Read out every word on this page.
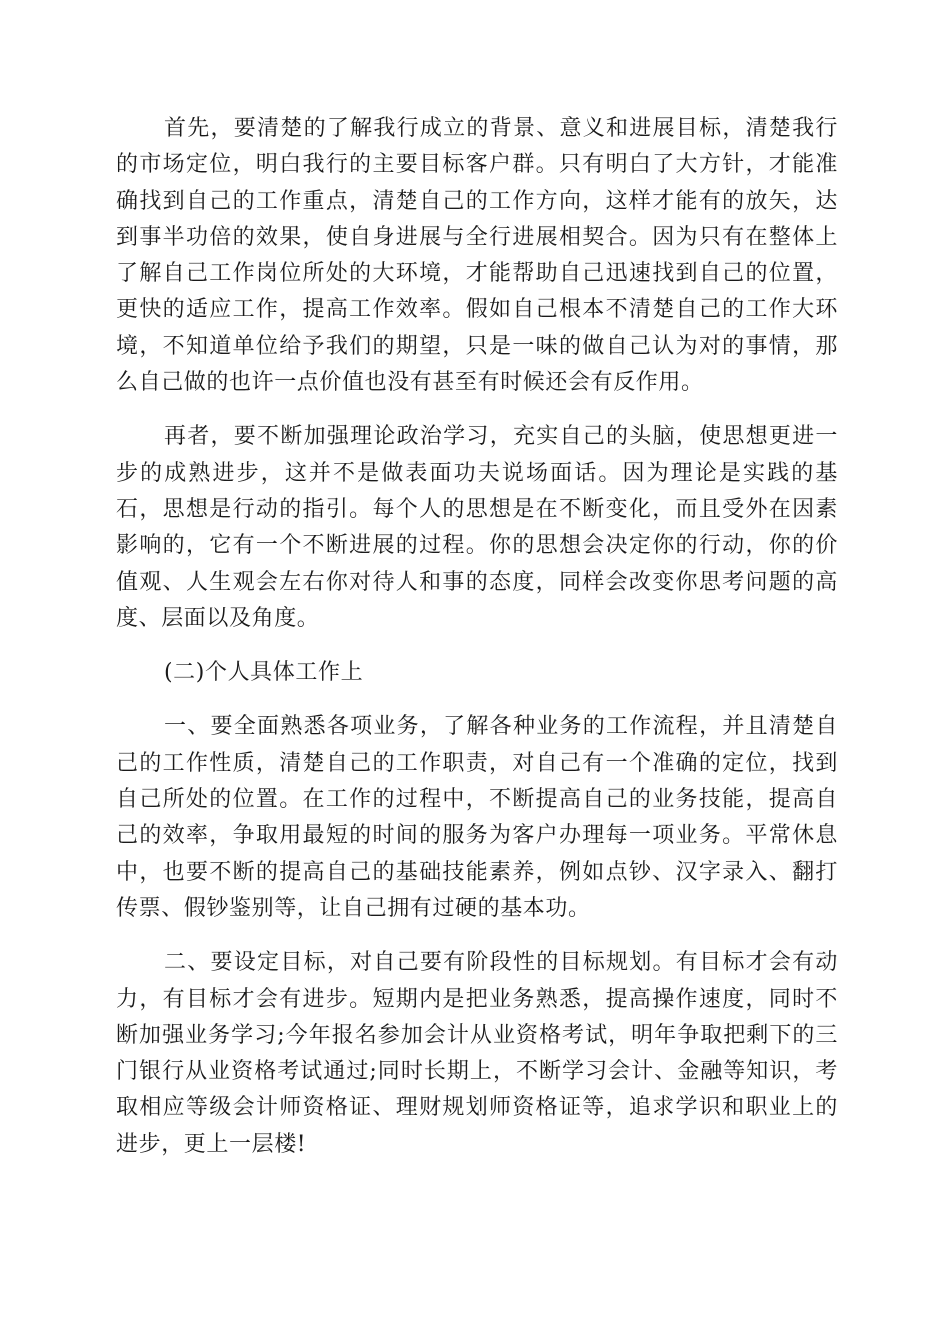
首先，要清楚的了解我行成立的背景、意义和进展目标，清楚我行的市场定位，明白我行的主要目标客户群。只有明白了大方针，才能准确找到自己的工作重点，清楚自己的工作方向，这样才能有的放矢，达到事半功倍的效果，使自身进展与全行进展相契合。因为只有在整体上了解自己工作岗位所处的大环境，才能帮助自己迅速找到自己的位置，更快的适应工作，提高工作效率。假如自己根本不清楚自己的工作大环境，不知道单位给予我们的期望，只是一味的做自己认为对的事情，那么自己做的也许一点价值也没有甚至有时候还会有反作用。

再者，要不断加强理论政治学习，充实自己的头脑，使思想更进一步的成熟进步，这并不是做表面功夫说场面话。因为理论是实践的基石，思想是行动的指引。每个人的思想是在不断变化，而且受外在因素影响的，它有一个不断进展的过程。你的思想会决定你的行动，你的价值观、人生观会左右你对待人和事的态度，同样会改变你思考问题的高度、层面以及角度。

(二)个人具体工作上

一、要全面熟悉各项业务，了解各种业务的工作流程，并且清楚自己的工作性质，清楚自己的工作职责，对自己有一个准确的定位，找到自己所处的位置。在工作的过程中，不断提高自己的业务技能，提高自己的效率，争取用最短的时间的服务为客户办理每一项业务。平常休息中，也要不断的提高自己的基础技能素养，例如点钞、汉字录入、翻打传票、假钞鉴别等，让自己拥有过硬的基本功。

二、要设定目标，对自己要有阶段性的目标规划。有目标才会有动力，有目标才会有进步。短期内是把业务熟悉，提高操作速度，同时不断加强业务学习;今年报名参加会计从业资格考试，明年争取把剩下的三门银行从业资格考试通过;同时长期上，不断学习会计、金融等知识，考取相应等级会计师资格证、理财规划师资格证等，追求学识和职业上的进步，更上一层楼!
